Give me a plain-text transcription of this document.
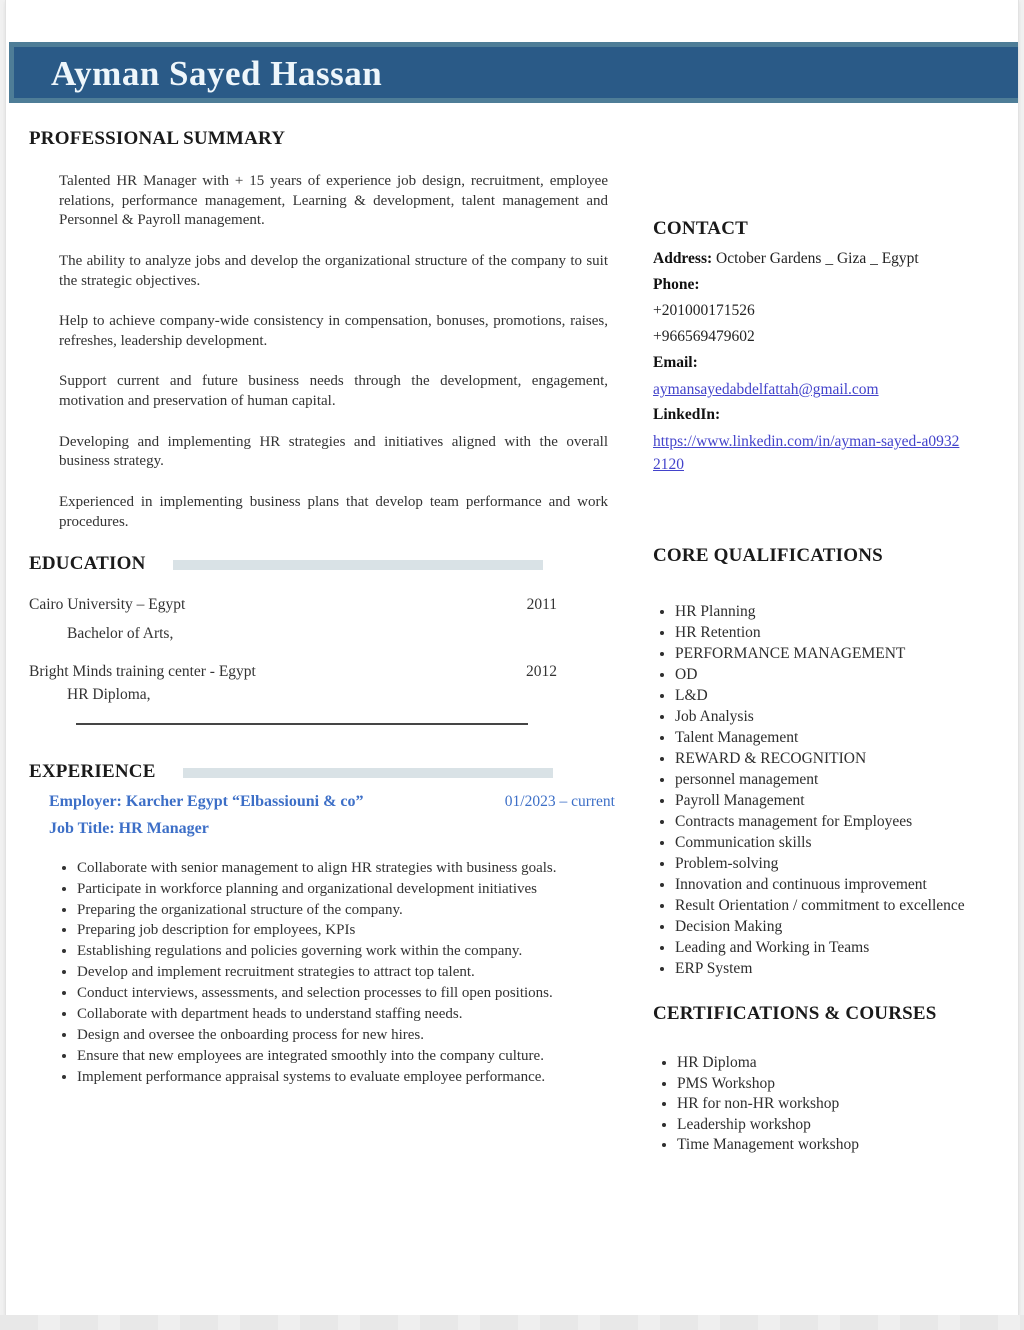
Ayman Sayed Hassan
PROFESSIONAL SUMMARY

Talented HR Manager with + 15 years of experience job design, recruitment, employee relations, performance management, Learning & development, talent management and Personnel & Payroll management.

The ability to analyze jobs and develop the organizational structure of the company to suit the strategic objectives.

Help to achieve company-wide consistency in compensation, bonuses, promotions, raises, refreshes, leadership development.

Support current and future business needs through the development, engagement, motivation and preservation of human capital.

Developing and implementing HR strategies and initiatives aligned with the overall business strategy.

Experienced in implementing business plans that develop team performance and work procedures.

EDUCATION
Cairo University – Egypt	2011
Bachelor of Arts,
Bright Minds training center - Egypt	2012
HR Diploma,
EXPERIENCE
Employer: Karcher Egypt “Elbassiouni & co”	01/2023 – current
Job Title: HR Manager
• Collaborate with senior management to align HR strategies with business goals.
• Participate in workforce planning and organizational development initiatives
• Preparing the organizational structure of the company.
• Preparing job description for employees, KPIs
• Establishing regulations and policies governing work within the company.
• Develop and implement recruitment strategies to attract top talent.
• Conduct interviews, assessments, and selection processes to fill open positions.
• Collaborate with department heads to understand staffing needs.
• Design and oversee the onboarding process for new hires.
• Ensure that new employees are integrated smoothly into the company culture.
• Implement performance appraisal systems to evaluate employee performance.
CONTACT

Address: October Gardens _ Giza _ Egypt

Phone:

+201000171526

+966569479602

Email:

aymansayedabdelfattah@gmail.com

LinkedIn:

https://www.linkedin.com/in/ayman-sayed-a09322120

CORE QUALIFICATIONS
• HR Planning
• HR Retention
• PERFORMANCE MANAGEMENT
• OD
• L&D
• Job Analysis
• Talent Management
• REWARD & RECOGNITION
• personnel management
• Payroll Management
• Contracts management for Employees
• Communication skills
• Problem-solving
• Innovation and continuous improvement
• Result Orientation / commitment to excellence
• Decision Making
• Leading and Working in Teams
• ERP System
CERTIFICATIONS & COURSES
• HR Diploma
• PMS Workshop
• HR for non-HR workshop
• Leadership workshop
• Time Management workshop
